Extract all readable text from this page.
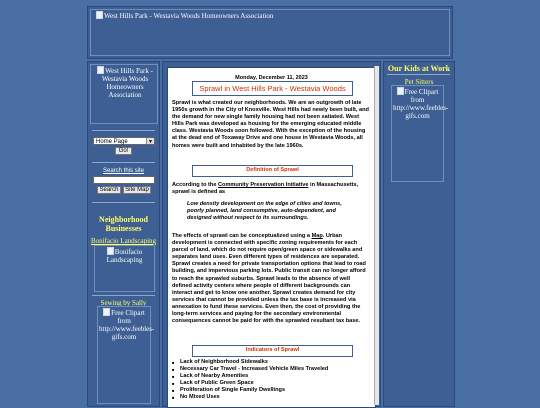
West Hills Park - Westavia Woods Homeowners Association
West Hills Park - Westavia Woods Homeowners Association
Home Page	▼
Go!
Search this site
Search	Site Map
Neighborhood Businesses
Bonifacio Landscaping
Bonifacio Landscaping
Sewing by Sally
Free Clipart from http://www.feebles-gifs.com
Monday, December 11, 2023
Sprawl in West Hills Park - Westavia Woods
Sprawl is what created our neighborhoods. We are an outgrowth of late 1950s growth in the City of Knoxville. West Hills had newly been built, and the demand for new single family housing had not been satiated. West Hills Park was developed as housing for the emerging educated middle class. Westavia Woods soon followed. With the exception of the housing at the dead end of Toxaway Drive and one house in Westavia Woods, all homes were built and inhabited by the late 1960s.
Definition of Sprawl
According to the Community Preservation Initiative in Massachusetts, sprawl is defined as
Low density development on the edge of cities and towns, poorly planned, land consumptive, auto-dependent, and designed without respect to its surroundings.
The effects of sprawl can be conceptualized using a Map. Urban development is connected with specific zoning requirements for each parcel of land, which do not require open/green space or sidewalks and separates land uses. Even different types of residences are separated. Sprawl creates a need for private transportation options that lead to road building, and impervious parking lots. Public transit can no longer afford to reach the sprawled suburbs. Sprawl leads to the absence of well defined activity centers where people of different backgrounds can interact and get to know one another. Sprawl creates demand for city services that cannot be provided unless the tax base is increased via annexation to fund these services. Even then, the cost of providing the long-term services and paying for the secondary environmental consequences cannot be paid for with the sprawled resultant tax base.
Indicators of Sprawl
■ Lack of Neighborhood Sidewalks
■ Necessary Car Travel - Increased Vehicle Miles Traveled
■ Lack of Nearby Amenities
■ Lack of Public Green Space
■ Proliferation of Single Family Dwellings
■ No Mixed Uses
Our Kids at Work
Pet Sitters
Free Clipart from http://www.feebles-gifs.com
